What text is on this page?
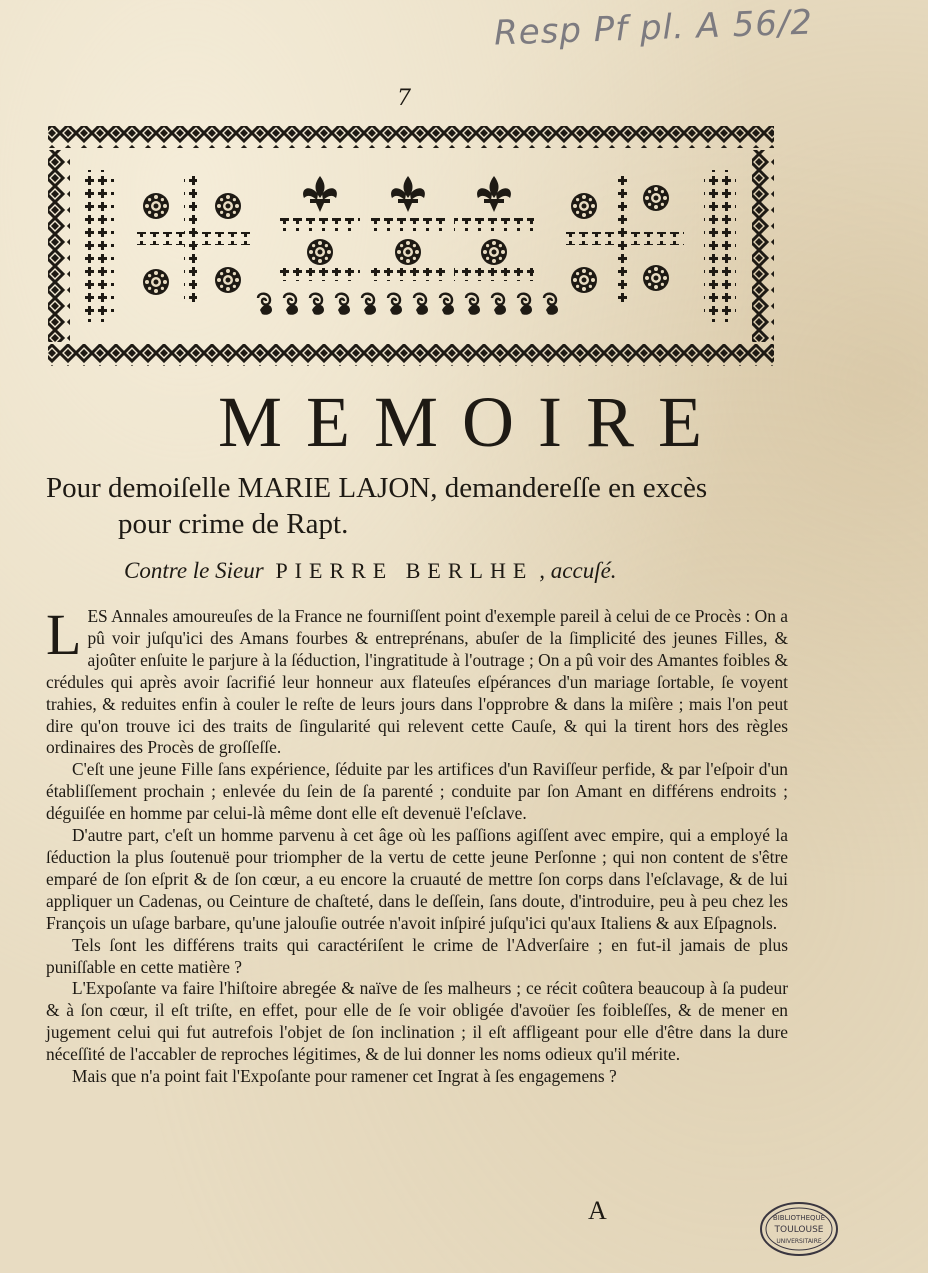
Resp Pf pl. A 56/2
7
MEMOIRE
Pour demoiſelle MARIE LAJON, demandereſſe en excès
pour crime de Rapt.
Contre le Sieur PIERRE BERLHE , accuſé.

LES Annales amoureuſes de la France ne fourniſſent point d'exemple pareil à celui de ce Procès : On a pû voir juſqu'ici des Amans fourbes & entreprénans, abuſer de la ſimplicité des jeunes Filles, & ajoûter enſuite le parjure à la ſéduction, l'ingratitude à l'outrage ; On a pû voir des Amantes foibles & crédules qui après avoir ſacrifié leur honneur aux flateuſes eſpérances d'un mariage ſortable, ſe voyent trahies, & reduites enfin à couler le reſte de leurs jours dans l'opprobre & dans la miſère ; mais l'on peut dire qu'on trouve ici des traits de ſingularité qui relevent cette Cauſe, & qui la tirent hors des règles ordinaires des Procès de groſſeſſe.

C'eſt une jeune Fille ſans expérience, ſéduite par les artifices d'un Raviſſeur perfide, & par l'eſpoir d'un établiſſement prochain ; enlevée du ſein de ſa parenté ; conduite par ſon Amant en différens endroits ; déguiſée en homme par celui-là même dont elle eſt devenuë l'eſclave.

D'autre part, c'eſt un homme parvenu à cet âge où les paſſions agiſſent avec empire, qui a employé la ſéduction la plus ſoutenuë pour triompher de la vertu de cette jeune Perſonne ; qui non content de s'être emparé de ſon eſprit & de ſon cœur, a eu encore la cruauté de mettre ſon corps dans l'eſclavage, & de lui appliquer un Cadenas, ou Ceinture de chaſteté, dans le deſſein, ſans doute, d'introduire, peu à peu chez les François un uſage barbare, qu'une jalouſie outrée n'avoit inſpiré juſqu'ici qu'aux Italiens & aux Eſpagnols.

Tels ſont les différens traits qui caractériſent le crime de l'Adverſaire ; en fut-il jamais de plus puniſſable en cette matière ?

L'Expoſante va faire l'hiſtoire abregée & naïve de ſes malheurs ; ce récit coûtera beaucoup à ſa pudeur & à ſon cœur, il eſt triſte, en effet, pour elle de ſe voir obligée d'avoüer ſes foibleſſes, & de mener en jugement celui qui fut autrefois l'objet de ſon inclination ; il eſt affligeant pour elle d'être dans la dure néceſſité de l'accabler de reproches légitimes, & de lui donner les noms odieux qu'il mérite.

Mais que n'a point fait l'Expoſante pour ramener cet Ingrat à ſes engagemens ?

A	BIBLIOTHEQUE
TOULOUSE
UNIVERSITAIRE
